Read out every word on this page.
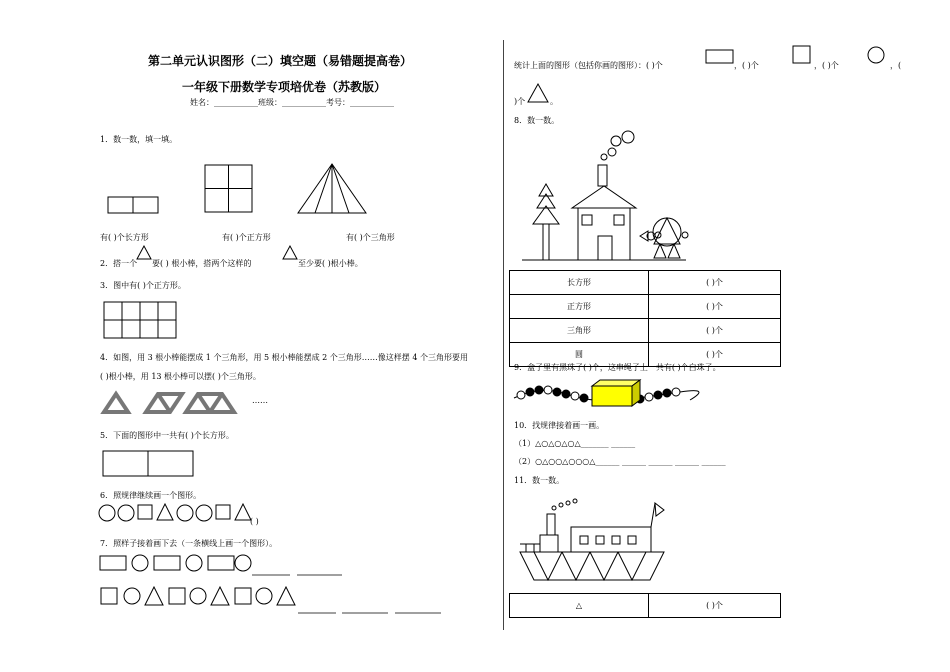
第二单元认识图形（二）填空题（易错题提高卷）
一年级下册数学专项培优卷（苏教版）
姓名：___________班级：___________考号：___________
1．数一数，填一填。
有( )个长方形	有( )个正方形	有( )个三角形
2．搭一个 要( ) 根小棒，搭两个这样的	至少要( )根小棒。
3．图中有( )个正方形。
4．如图，用 3 根小棒能摆成 1 个三角形，用 5 根小棒能摆成 2 个三角形……像这样摆 4 个三角形要用
( )根小棒，用 13 根小棒可以摆( )个三角形。
……
5．下面的图形中一共有( )个长方形。
6．照规律继续画一个图形。
( )
7．照样子接着画下去（一条横线上画一个图形）。
统计上面的图形（包括你画的图形）：( )个	，( )个	，( )个	，(
)个	。
8．数一数。
长方形	( )个
正方形	( )个
三角形	( )个
圆	( )个
9．盒子里有黑珠子( )个，这串绳子上一共有( )个白珠子。
10．找规律接着画一画。
（1）△○△○△○△_______ ______
（2）○△○○△○○○△______ ______ ______ ______ ______
11．数一数。
△	( )个
